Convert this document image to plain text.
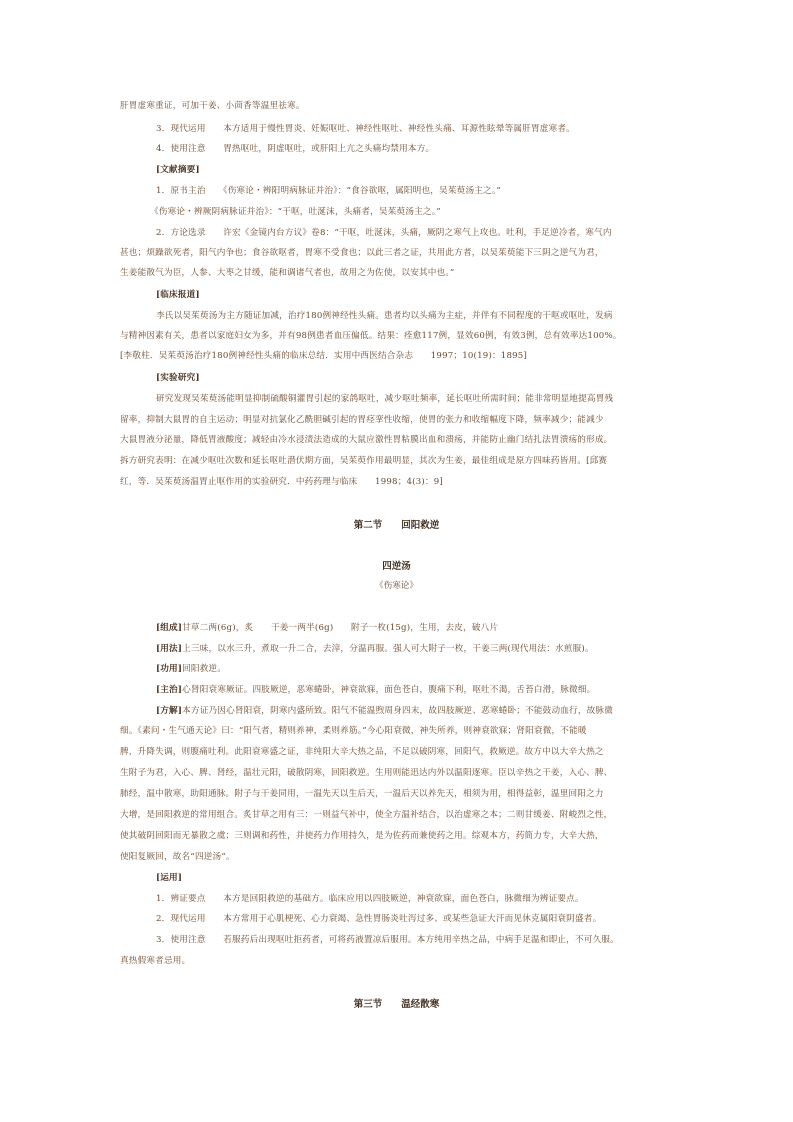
肝胃虚寒重证，可加干姜、小茴香等温里祛寒。
3．现代运用　　本方适用于慢性胃炎、妊娠呕吐、神经性呕吐、神经性头痛、耳源性眩晕等属肝胃虚寒者。
4．使用注意　　胃热呕吐，阴虚呕吐，或肝阳上亢之头痛均禁用本方。
[文献摘要]
1．原书主治　　《伤寒论・辨阳明病脉证并治》：“食谷欲呕，属阳明也，吴茱萸汤主之。”
《伤寒论・辨厥阴病脉证并治》：“干呕，吐涎沫，头痛者，吴茱萸汤主之。”
2．方论选录　　许宏《金镜内台方议》卷8：“干呕，吐涎沫，头痛，厥阴之寒气上攻也。吐利，手足逆冷者，寒气内
甚也；烦躁欲死者，阳气内争也；食谷欲呕者，胃寒不受食也；以此三者之证，共用此方者，以吴茱萸能下三阴之逆气为君，
生姜能散气为臣，人参、大枣之甘缓，能和调诸气者也，故用之为佐使，以安其中也。”
[临床报道]
李氏以吴茱萸汤为主方随证加减，治疗180例神经性头痛。患者均以头痛为主症，并伴有不同程度的干呕或呕吐，发病
与精神因素有关，患者以家庭妇女为多，并有98例患者血压偏低。结果：痊愈117例，显效60例，有效3例，总有效率达100%。
[李敬柱．吴茱萸汤治疗180例神经性头痛的临床总结．实用中西医结合杂志　　1997；10(19)：1895]
[实验研究]
研究发现吴茱萸汤能明显抑制硫酸铜灌胃引起的家鸽呕吐，减少呕吐频率，延长呕吐所需时间；能非常明显地提高胃残
留率，抑制大鼠胃的自主运动；明显对抗氯化乙酰胆碱引起的胃痉挛性收缩，使胃的张力和收缩幅度下降，频率减少；能减少
大鼠胃液分泌量，降低胃液酸度；减轻由冷水浸渍法造成的大鼠应激性胃粘膜出血和溃疡，并能防止幽门结扎法胃溃疡的形成。
拆方研究表明：在减少呕吐次数和延长呕吐潜伏期方面，吴茱萸作用最明显，其次为生姜，最佳组成是原方四味药皆用。[邱赛
红，等．吴茱萸汤温胃止呕作用的实验研究．中药药理与临床　　1998；4(3)：9]
第二节　　回阳救逆
四逆汤
《伤寒论》
[组成]甘草二两(6g)，炙　　干姜一两半(6g)　　附子一枚(15g)，生用，去皮，破八片
[用法]上三味，以水三升，煮取一升二合，去滓，分温再服。强人可大附子一枚，干姜三两(现代用法：水煎服)。
[功用]回阳救逆。
[主治]心肾阳衰寒厥证。四肢厥逆，恶寒蜷卧，神衰欲寐，面色苍白，腹痛下利，呕吐不渴，舌苔白滑，脉微细。
[方解]本方证乃因心肾阳衰，阴寒内盛所致。阳气不能温煦周身四末，故四肢厥逆、恶寒蜷卧；不能鼓动血行，故脉微
细。《素问・生气通天论》曰：“阳气者，精则养神，柔则养筋。”今心阳衰微，神失所养，则神衰欲寐；肾阳衰微，不能暖
脾，升降失调，则腹痛吐利。此阳衰寒盛之证，非纯阳大辛大热之品，不足以破阴寒，回阳气，救厥逆。故方中以大辛大热之
生附子为君，入心、脾、肾经，温壮元阳，破散阴寒，回阳救逆。生用则能迅达内外以温阳逐寒。臣以辛热之干姜，入心、脾、
肺经，温中散寒，助阳通脉。附子与干姜同用，一温先天以生后天，一温后天以养先天，相须为用，相得益彰，温里回阳之力
大增，是回阳救逆的常用组合。炙甘草之用有三：一则益气补中，使全方温补结合，以治虚寒之本；二则甘缓姜、附峻烈之性，
使其破阴回阳而无暴散之虞；三则调和药性，并使药力作用持久，是为佐药而兼使药之用。综观本方，药简力专，大辛大热，
使阳复厥回，故名“四逆汤”。
[运用]
1．辨证要点　　本方是回阳救逆的基础方。临床应用以四肢厥逆，神衰欲寐，面色苍白，脉微细为辨证要点。
2．现代运用　　本方常用于心肌梗死、心力衰竭、急性胃肠炎吐泻过多、或某些急证大汗而见休克属阳衰阴盛者。
3．使用注意　　若服药后出现呕吐拒药者，可将药液置凉后服用。本方纯用辛热之品，中病手足温和即止，不可久服。
真热假寒者忌用。
第三节　　温经散寒
